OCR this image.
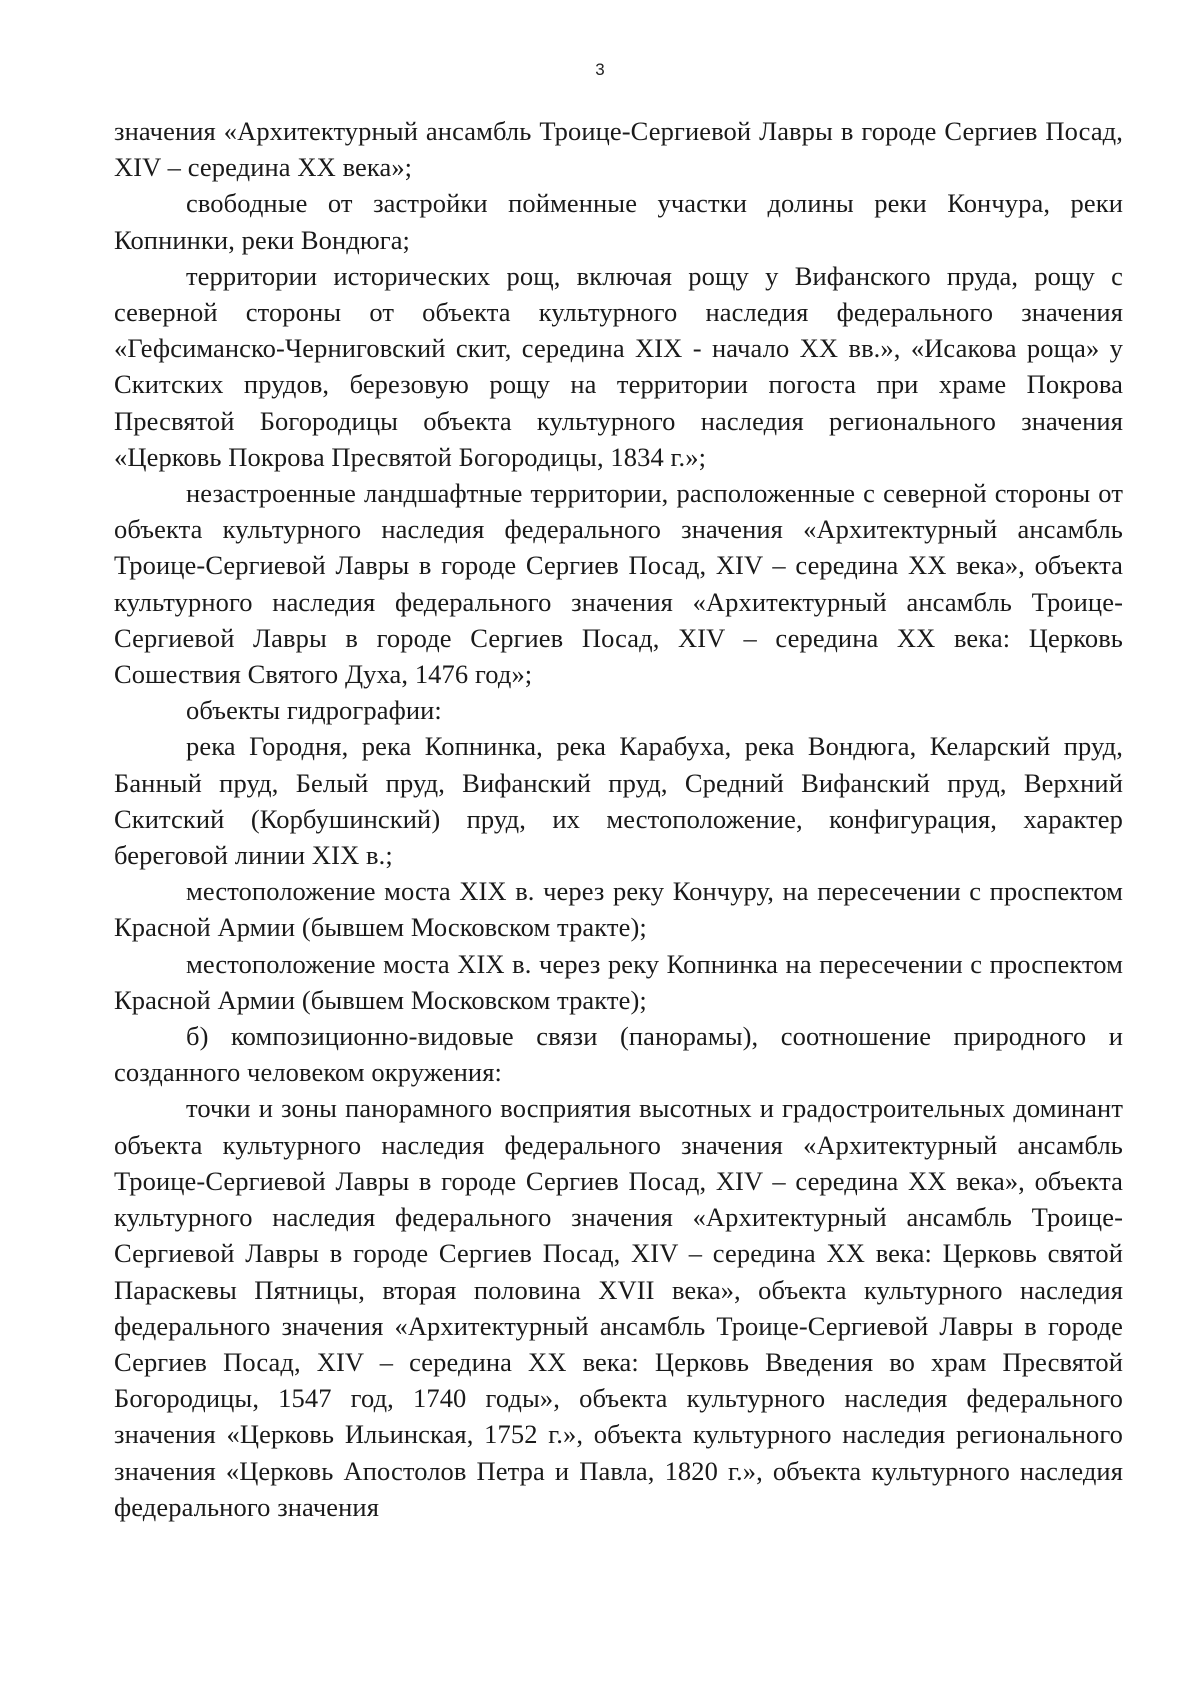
3

значения «Архитектурный ансамбль Троице-Сергиевой Лавры в городе Сергиев Посад, XIV – середина XX века»;

свободные от застройки пойменные участки долины реки Кончура, реки Копнинки, реки Вондюга;

территории исторических рощ, включая рощу у Вифанского пруда, рощу с северной стороны от объекта культурного наследия федерального значения «Гефсиманско-Черниговский скит, середина XIX - начало XX вв.», «Исакова роща» у Скитских прудов, березовую рощу на территории погоста при храме Покрова Пресвятой Богородицы объекта культурного наследия регионального значения «Церковь Покрова Пресвятой Богородицы, 1834 г.»;

незастроенные ландшафтные территории, расположенные с северной стороны от объекта культурного наследия федерального значения «Архитектурный ансамбль Троице-Сергиевой Лавры в городе Сергиев Посад, XIV – середина XX века», объекта культурного наследия федерального значения «Архитектурный ансамбль Троице-Сергиевой Лавры в городе Сергиев Посад, XIV – середина XX века: Церковь Сошествия Святого Духа, 1476 год»;

объекты гидрографии:

река Городня, река Копнинка, река Карабуха, река Вондюга, Келарский пруд, Банный пруд, Белый пруд, Вифанский пруд, Средний Вифанский пруд, Верхний Скитский (Корбушинский) пруд, их местоположение, конфигурация, характер береговой линии XIX в.;

местоположение моста XIX в. через реку Кончуру, на пересечении с проспектом Красной Армии (бывшем Московском тракте);

местоположение моста XIX в. через реку Копнинка на пересечении с проспектом Красной Армии (бывшем Московском тракте);

б) композиционно-видовые связи (панорамы), соотношение природного и созданного человеком окружения:

точки и зоны панорамного восприятия высотных и градостроительных доминант объекта культурного наследия федерального значения «Архитектурный ансамбль Троице-Сергиевой Лавры в городе Сергиев Посад, XIV – середина XX века», объекта культурного наследия федерального значения «Архитектурный ансамбль Троице-Сергиевой Лавры в городе Сергиев Посад, XIV – середина XX века: Церковь святой Параскевы Пятницы, вторая половина XVII века», объекта культурного наследия федерального значения «Архитектурный ансамбль Троице-Сергиевой Лавры в городе Сергиев Посад, XIV – середина XX века: Церковь Введения во храм Пресвятой Богородицы, 1547 год, 1740 годы», объекта культурного наследия федерального значения «Церковь Ильинская, 1752 г.», объекта культурного наследия регионального значения «Церковь Апостолов Петра и Павла, 1820 г.», объекта культурного наследия федерального значения
